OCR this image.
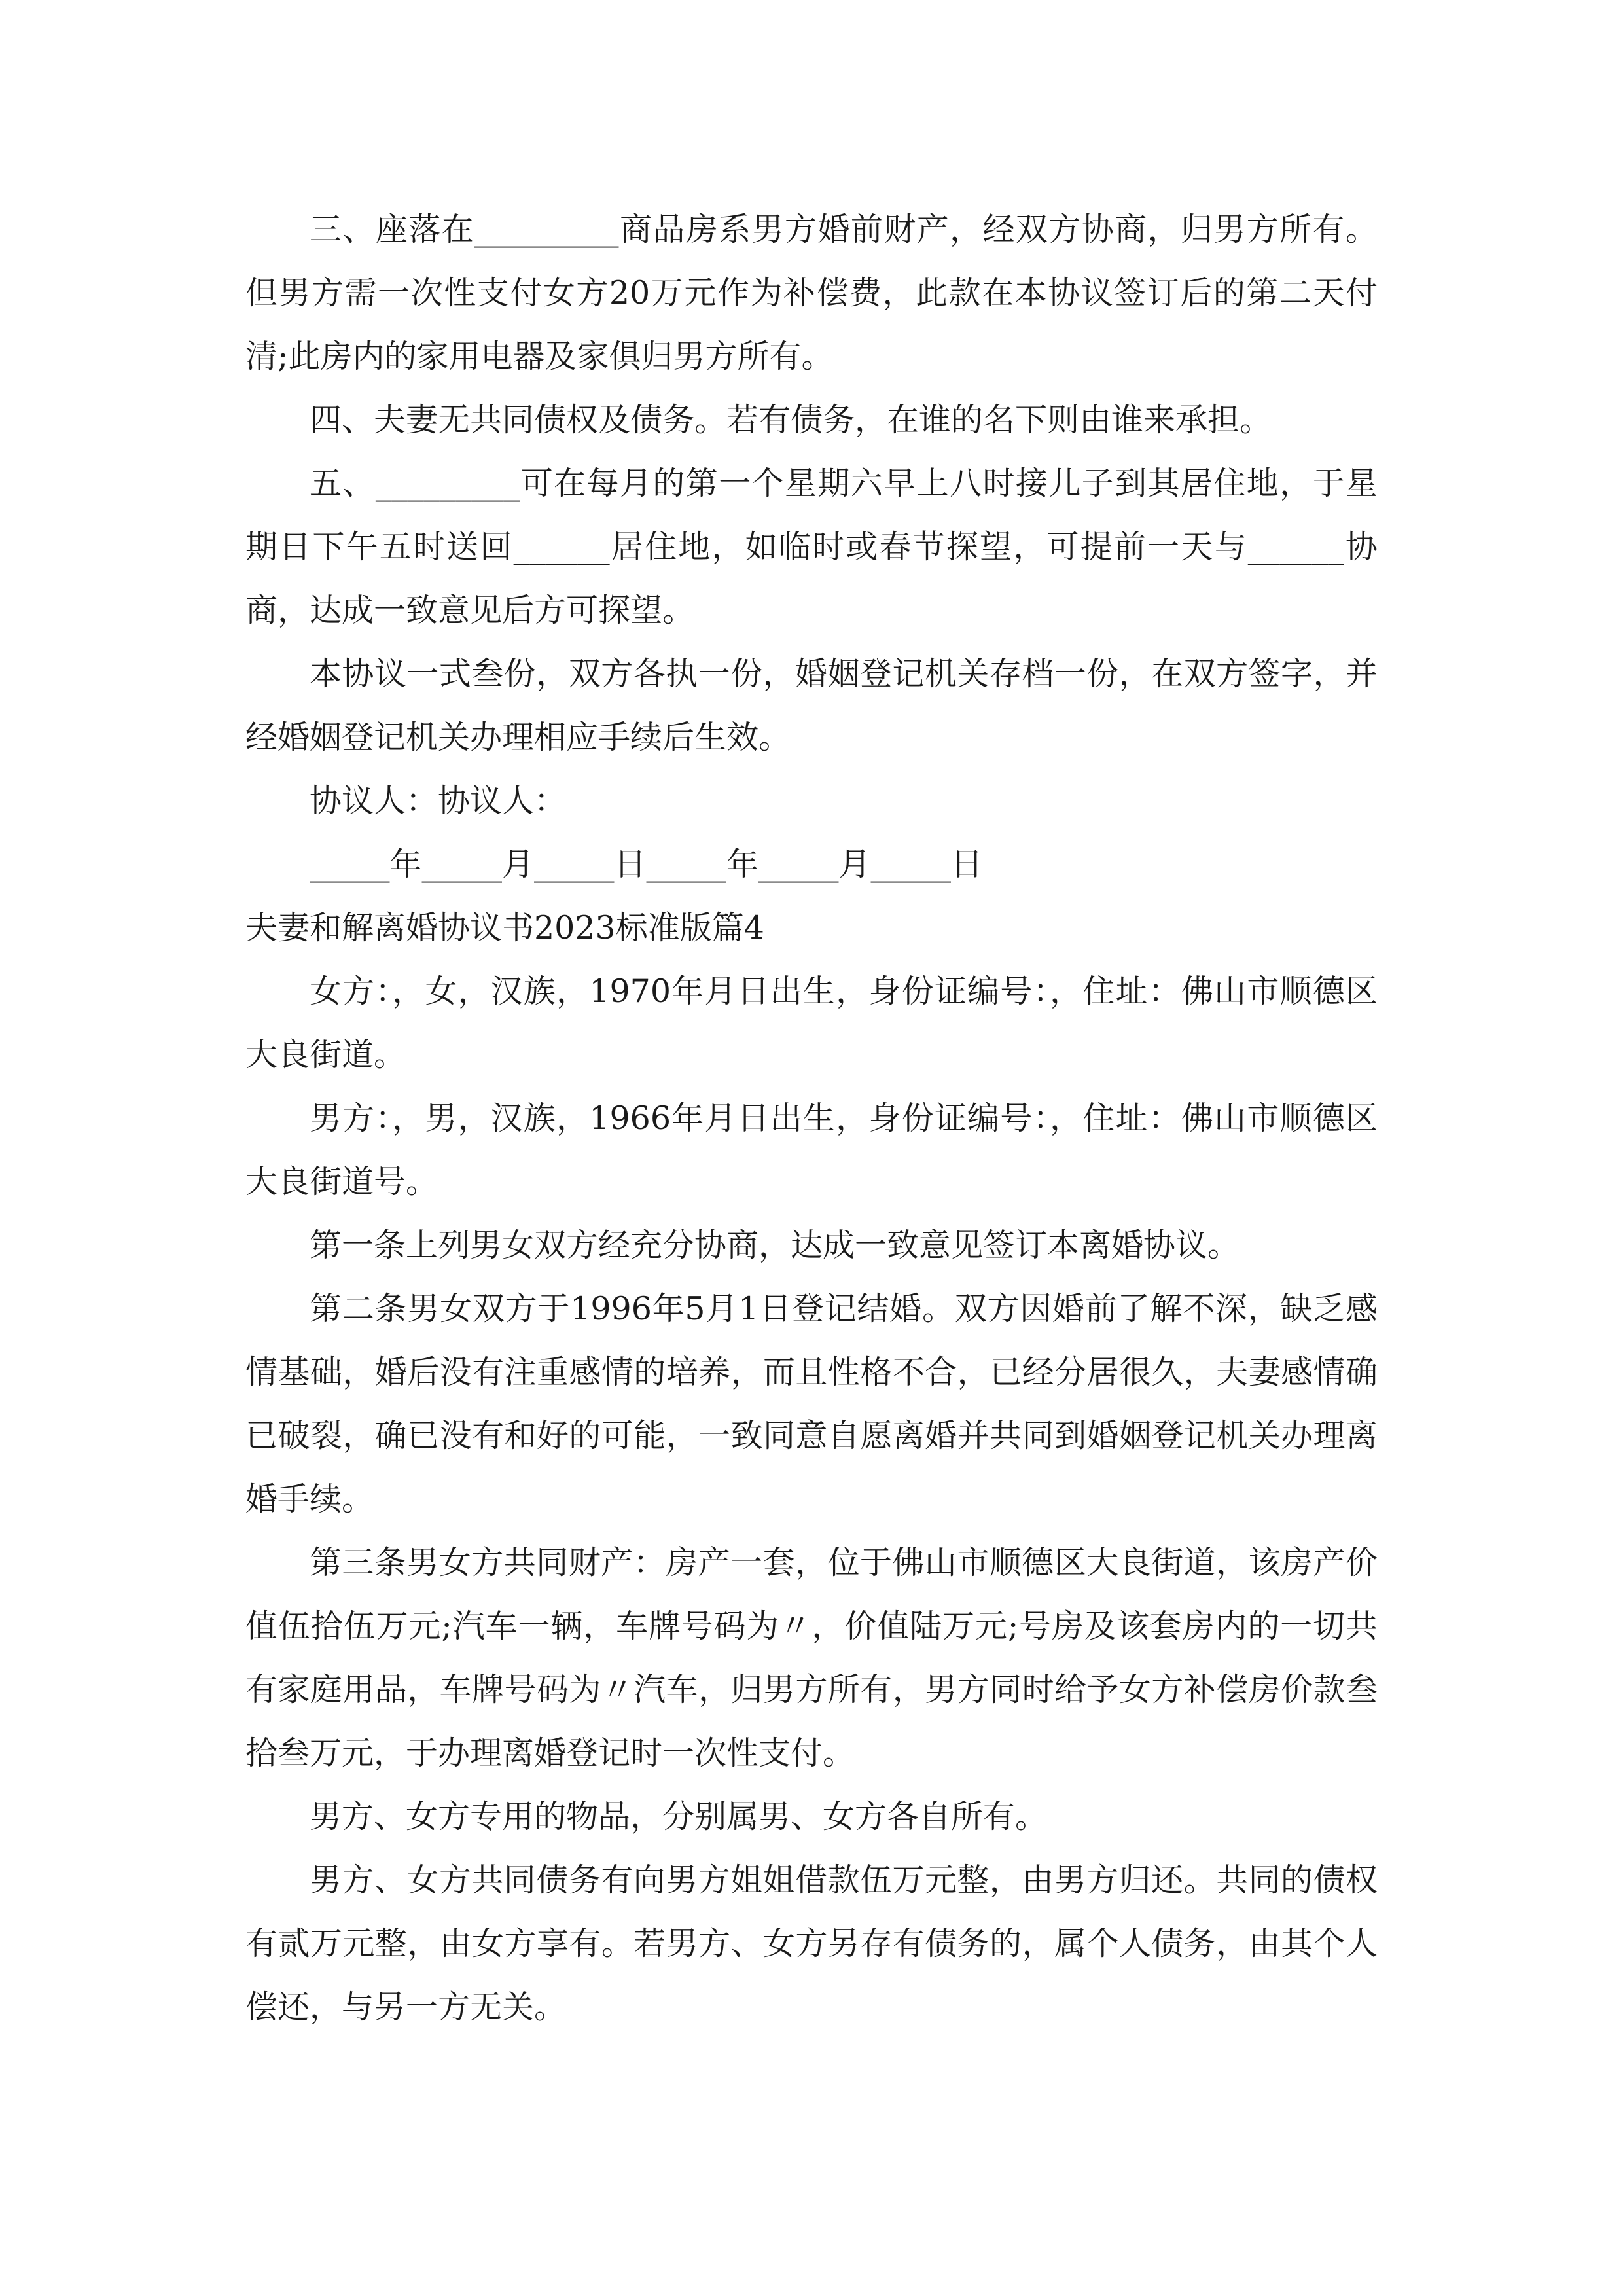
三、座落在_________商品房系男方婚前财产，经双方协商，归男方所有。但男方需一次性支付女方20万元作为补偿费，此款在本协议签订后的第二天付清;此房内的家用电器及家俱归男方所有。

四、夫妻无共同债权及债务。若有债务，在谁的名下则由谁来承担。

五、_________可在每月的第一个星期六早上八时接儿子到其居住地，于星期日下午五时送回______居住地，如临时或春节探望，可提前一天与______协商，达成一致意见后方可探望。

本协议一式叁份，双方各执一份，婚姻登记机关存档一份，在双方签字，并经婚姻登记机关办理相应手续后生效。

协议人：协议人：

_____年_____月_____日_____年_____月_____日

夫妻和解离婚协议书2023标准版篇4

女方：，女，汉族，1970年月日出生，身份证编号：，住址：佛山市顺德区大良街道。

男方：，男，汉族，1966年月日出生，身份证编号：，住址：佛山市顺德区大良街道号。

第一条上列男女双方经充分协商，达成一致意见签订本离婚协议。

第二条男女双方于1996年5月1日登记结婚。双方因婚前了解不深，缺乏感情基础，婚后没有注重感情的培养，而且性格不合，已经分居很久，夫妻感情确已破裂，确已没有和好的可能，一致同意自愿离婚并共同到婚姻登记机关办理离婚手续。

第三条男女方共同财产：房产一套，位于佛山市顺德区大良街道，该房产价值伍拾伍万元;汽车一辆，车牌号码为〃，价值陆万元;号房及该套房内的一切共有家庭用品，车牌号码为〃汽车，归男方所有，男方同时给予女方补偿房价款叁拾叁万元，于办理离婚登记时一次性支付。

男方、女方专用的物品，分别属男、女方各自所有。

男方、女方共同债务有向男方姐姐借款伍万元整，由男方归还。共同的债权有贰万元整，由女方享有。若男方、女方另存有债务的，属个人债务，由其个人偿还，与另一方无关。
